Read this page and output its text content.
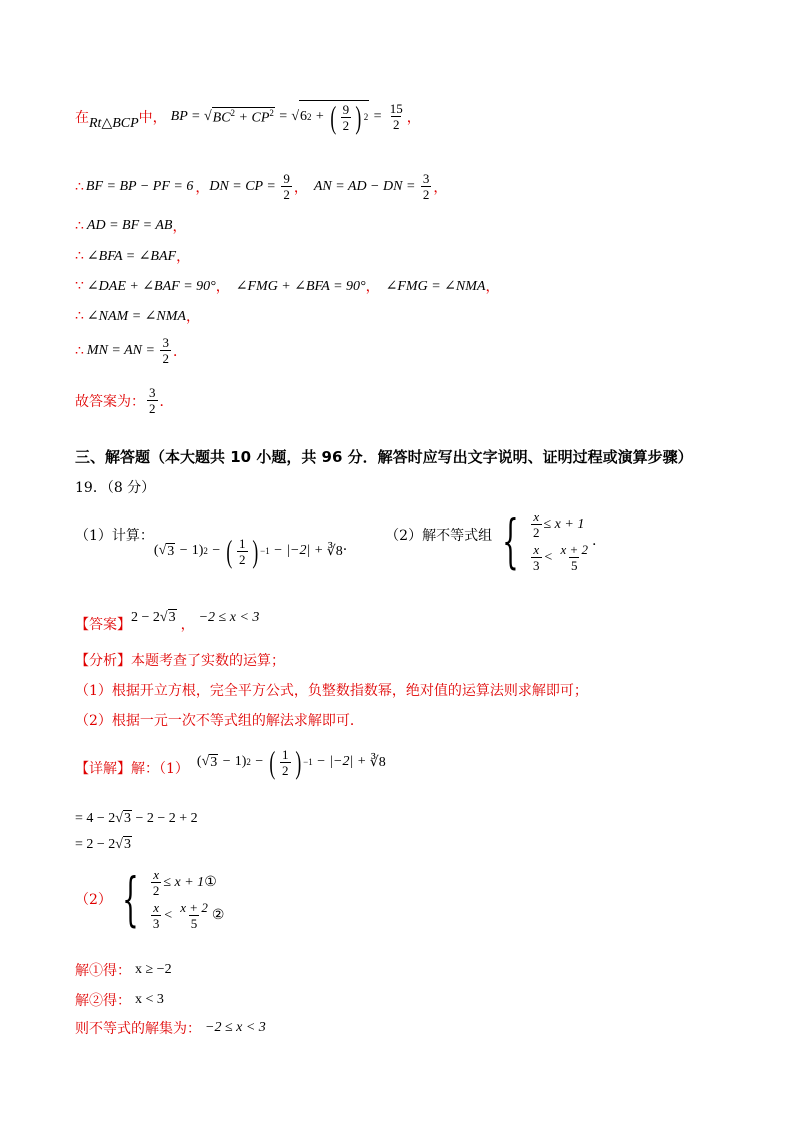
在 Rt△BCP 中， BP = √ $BC^2 + CP^2$ = √ 6 2 + ( $\frac{9}{2}$ ) $2 = \frac{15}{2}$ ，
∴ BF = BP − PF = 6 ， DN = CP = $\frac{9}{2}$ ， AN = AD − DN = $\frac{3}{2}$ ，
∴ AD = BF = AB ，
∴ ∠BFA = ∠BAF ，
∵ ∠DAE + ∠BAF = 90° ， ∠FMG + ∠BFA = 90° ， ∠FMG = ∠NMA ，
∴ ∠NAM = ∠NMA ，
∴ MN = AN = $\frac{3}{2}$ ．
故答案为： $\frac{3}{2}$ ．
三、解答题（本大题共 10 小题，共 96 分．解答时应写出文字说明、证明过程或演算步骤）
19．（8 分）
（1）计算：
( √ 3 − 1) 2 − ( $\frac{1}{2}$ ) −1 − |−2| + ∛8 .
（2）解不等式组 { $\frac{x}{2} \le x + 1$
$\frac{x}{3} < \frac{x + 2}{5}$
.
【答案】 2 − 2√3 ， −2 ≤ x < 3
【分析】本题考查了实数的运算；
（1）根据开立方根，完全平方公式，负整数指数幂，绝对值的运算法则求解即可；
（2）根据一元一次不等式组的解法求解即可．
【详解】解：（1） ( √ 3 − 1) 2 − ( $\frac{1}{2}$ ) −1 − |−2| + ∛8
= 4 − 2√ 3 − 2 − 2 + 2
= 2 − 2√ 3
（2） { $\frac{x}{2} \le x + 1$ ①
$\frac{x}{3} < \frac{x + 2}{5}$ ②
解①得： x ≥ −2
解②得： x < 3
则不等式的解集为： −2 ≤ x < 3
